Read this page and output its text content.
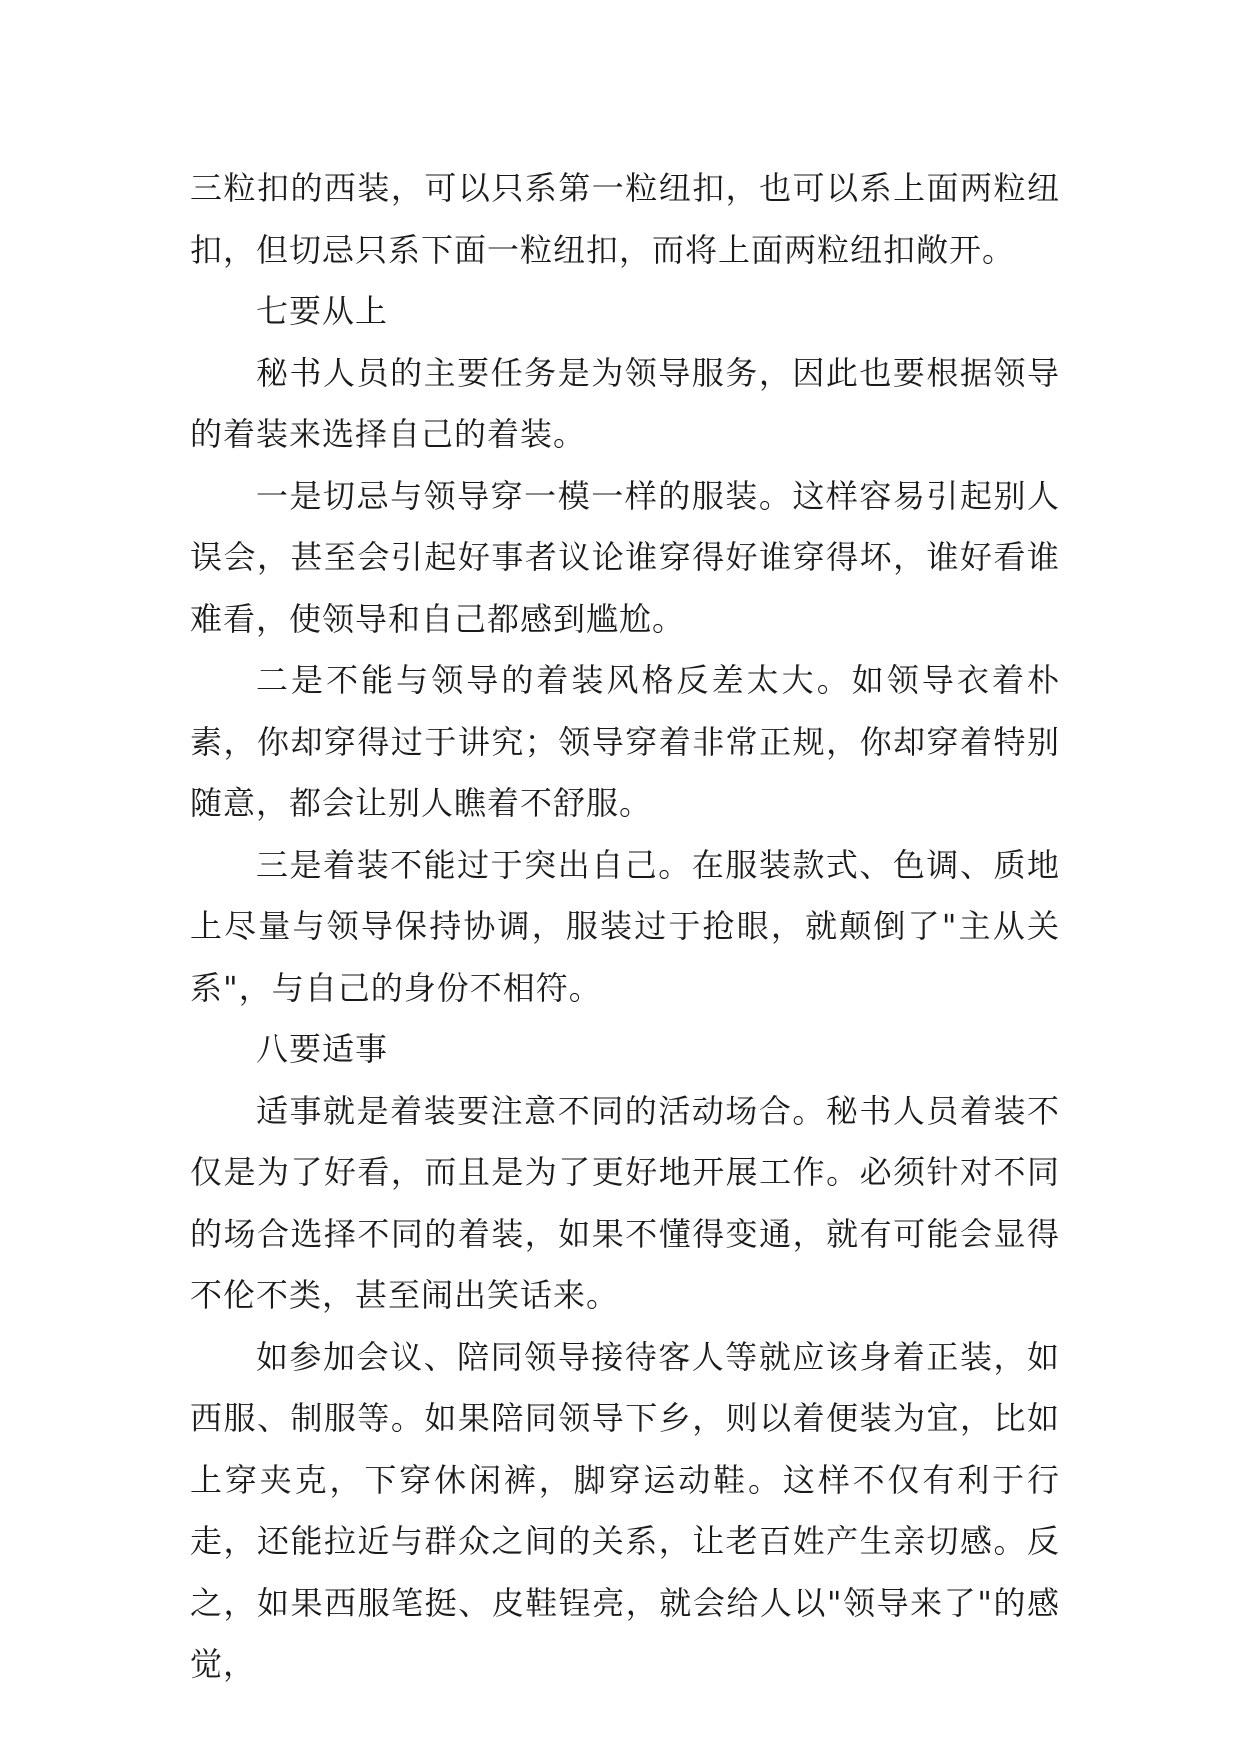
三粒扣的西装，可以只系第一粒纽扣，也可以系上面两粒纽扣，但切忌只系下面一粒纽扣，而将上面两粒纽扣敞开。

七要从上

秘书人员的主要任务是为领导服务，因此也要根据领导的着装来选择自己的着装。

一是切忌与领导穿一模一样的服装。这样容易引起别人误会，甚至会引起好事者议论谁穿得好谁穿得坏，谁好看谁难看，使领导和自己都感到尴尬。

二是不能与领导的着装风格反差太大。如领导衣着朴素，你却穿得过于讲究；领导穿着非常正规，你却穿着特别随意，都会让别人瞧着不舒服。

三是着装不能过于突出自己。在服装款式、色调、质地上尽量与领导保持协调，服装过于抢眼，就颠倒了"主从关系"，与自己的身份不相符。

八要适事

适事就是着装要注意不同的活动场合。秘书人员着装不仅是为了好看，而且是为了更好地开展工作。必须针对不同的场合选择不同的着装，如果不懂得变通，就有可能会显得不伦不类，甚至闹出笑话来。

如参加会议、陪同领导接待客人等就应该身着正装，如西服、制服等。如果陪同领导下乡，则以着便装为宜，比如上穿夹克，下穿休闲裤，脚穿运动鞋。这样不仅有利于行走，还能拉近与群众之间的关系，让老百姓产生亲切感。反之，如果西服笔挺、皮鞋锃亮，就会给人以"领导来了"的感觉，
